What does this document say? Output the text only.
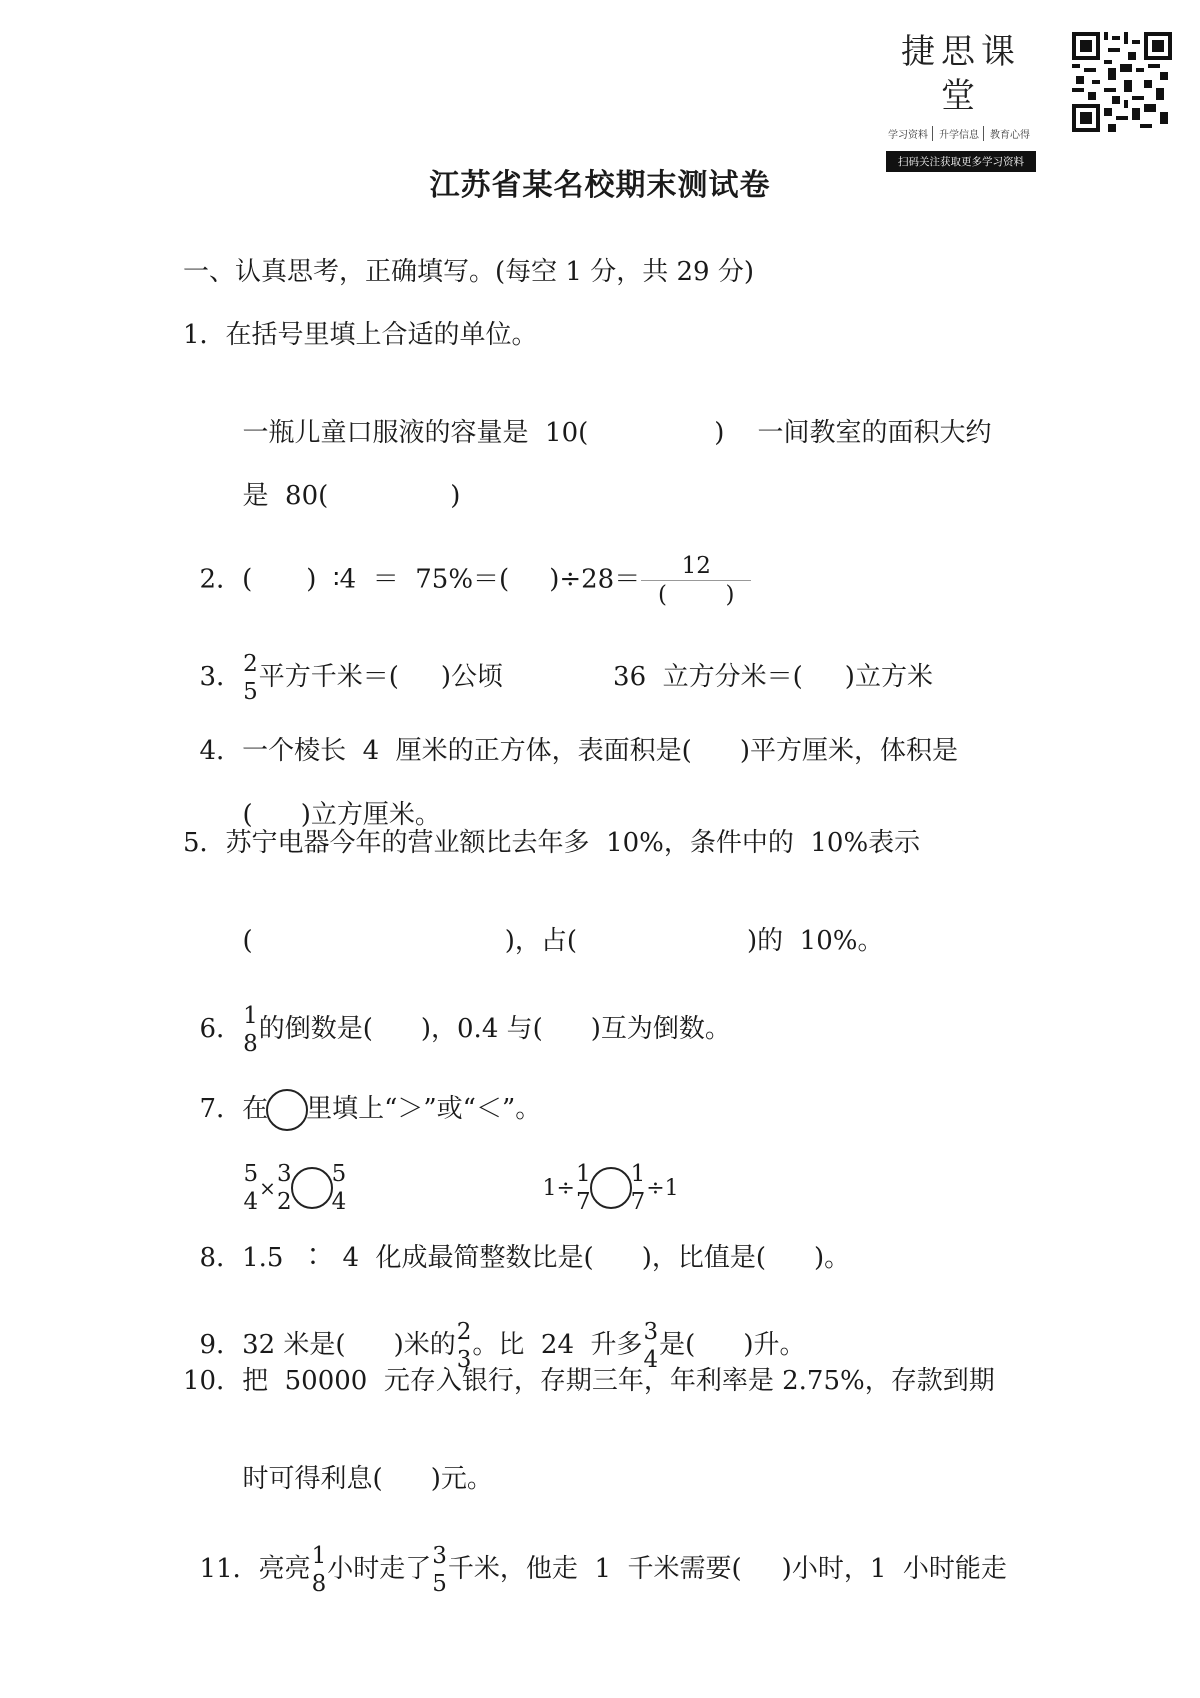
捷思课堂
学习资料	升学信息	教育心得
扫码关注获取更多学习资料
江苏省某名校期末测试卷
一、认真思考，正确填写。(每空 1 分，共 29 分)
1．在括号里填上合适的单位。

一瓶儿童口服液的容量是  10(	)    一间教室的面积大约

是  80(	)

2．( )  ∶4  ＝  75%＝( )$\div 28= \frac{12}{( )}$

3． 2
5 平方千米＝( )公顷	36  立方分米＝( )立方米

4．一个棱长  4  厘米的正方体，表面积是( )平方厘米，体积是

( )立方厘米。

5．苏宁电器今年的营业额比去年多  10%，条件中的  10%表示

(	)，占(	)的  10%。

6． 1
8 的倒数是( )，0.4 与( )互为倒数。

7．在 里填上“＞”或“＜”。

5
4
×
3
2
5
4

1÷
1
7
1
7
÷1

8．1.5  ∶  4  化成最简整数比是( )，比值是( )。

9．32 米是( )米的 2
3 。比  24  升多 3
4 是( )升。

10．把  50000  元存入银行，存期三年，年利率是 2.75%，存款到期

时可得利息( )元。

11．亮亮 1
8 小时走了 3
5 千米，他走  1  千米需要( )小时，1  小时能走
